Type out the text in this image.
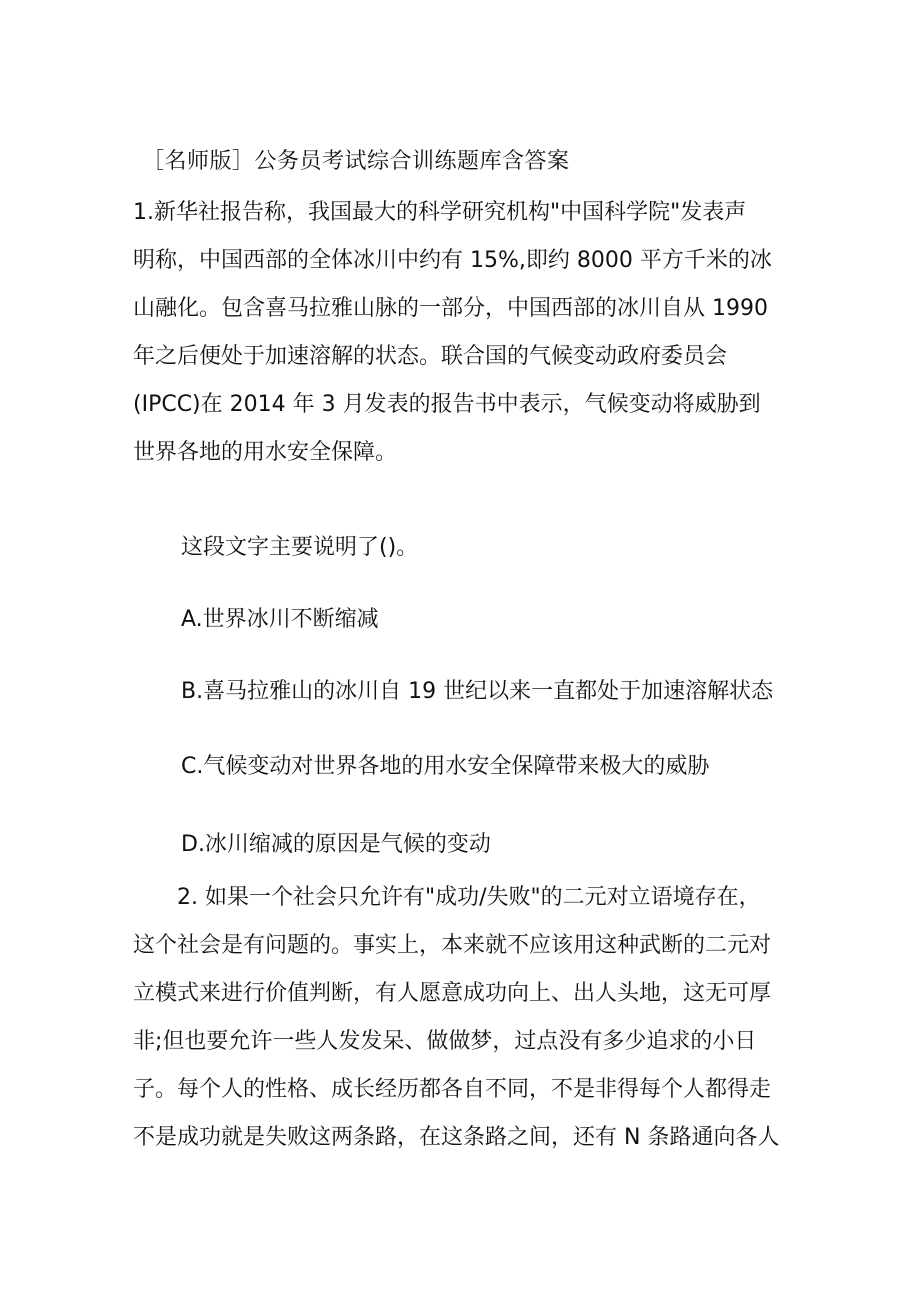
［名师版］公务员考试综合训练题库含答案
1.新华社报告称，我国最大的科学研究机构"中国科学院"发表声
明称，中国西部的全体冰川中约有 15%,即约 8000 平方千米的冰
山融化。包含喜马拉雅山脉的一部分，中国西部的冰川自从 1990
年之后便处于加速溶解的状态。联合国的气候变动政府委员会
(IPCC)在 2014 年 3 月发表的报告书中表示，气候变动将威胁到
世界各地的用水安全保障。
这段文字主要说明了()。
A.世界冰川不断缩减
B.喜马拉雅山的冰川自 19 世纪以来一直都处于加速溶解状态
C.气候变动对世界各地的用水安全保障带来极大的威胁
D.冰川缩减的原因是气候的变动
2. 如果一个社会只允许有"成功/失败"的二元对立语境存在，
这个社会是有问题的。事实上，本来就不应该用这种武断的二元对
立模式来进行价值判断，有人愿意成功向上、出人头地，这无可厚
非;但也要允许一些人发发呆、做做梦，过点没有多少追求的小日
子。每个人的性格、成长经历都各自不同，不是非得每个人都得走
不是成功就是失败这两条路，在这条路之间，还有 N 条路通向各人
